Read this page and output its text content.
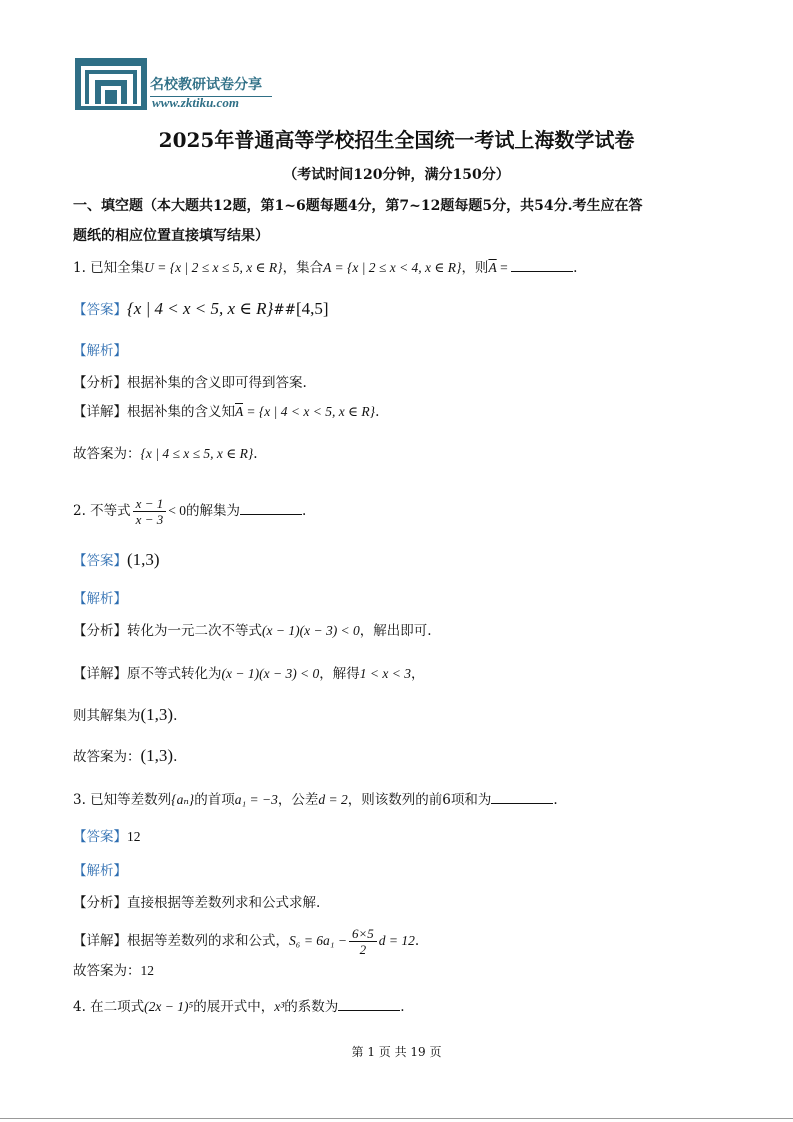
名校教研试卷分享
www.zktiku.com
2025年普通高等学校招生全国统一考试上海数学试卷
（考试时间120分钟，满分150分）
一、填空题（本大题共12题，第1~6题每题4分，第7~12题每题5分，共54分.考生应在答
题纸的相应位置直接填写结果）
1. 已知全集U = {x | 2 ≤ x ≤ 5, x ∈ R}，集合A = {x | 2 ≤ x < 4, x ∈ R}，则$\overline{A}$ =	.
【答案】{x | 4 < x < 5, x ∈ R}##[4,5]
【解析】
【分析】根据补集的含义即可得到答案.
【详解】根据补集的含义知$\overline{A} = \{x$ | 4 < x < 5, x ∈ R}.
故答案为：{x | 4 ≤ x ≤ 5, x ∈ R}.
2. 不等式 $\frac{x - 1}{x - 3} < 0$的解集为	.
【答案】(1,3)
【解析】
【分析】转化为一元二次不等式(x − 1)(x − 3) < 0，解出即可.
【详解】原不等式转化为(x − 1)(x − 3) < 0，解得1 < x < 3，
则其解集为(1,3).
故答案为：(1,3).
3. 已知等差数列{aₙ}的首项a₁ = −3，公差d = 2，则该数列的前6项和为	.
【答案】12
【解析】
【分析】直接根据等差数列求和公式求解.
【详解】根据等差数列的求和公式，$S_6 = 6a_1 - \frac{6\times 5}{2}$ d = 12.
故答案为：12
4. 在二项式(2x − 1)⁵的展开式中，x³的系数为	.
第 1 页 共 19 页
